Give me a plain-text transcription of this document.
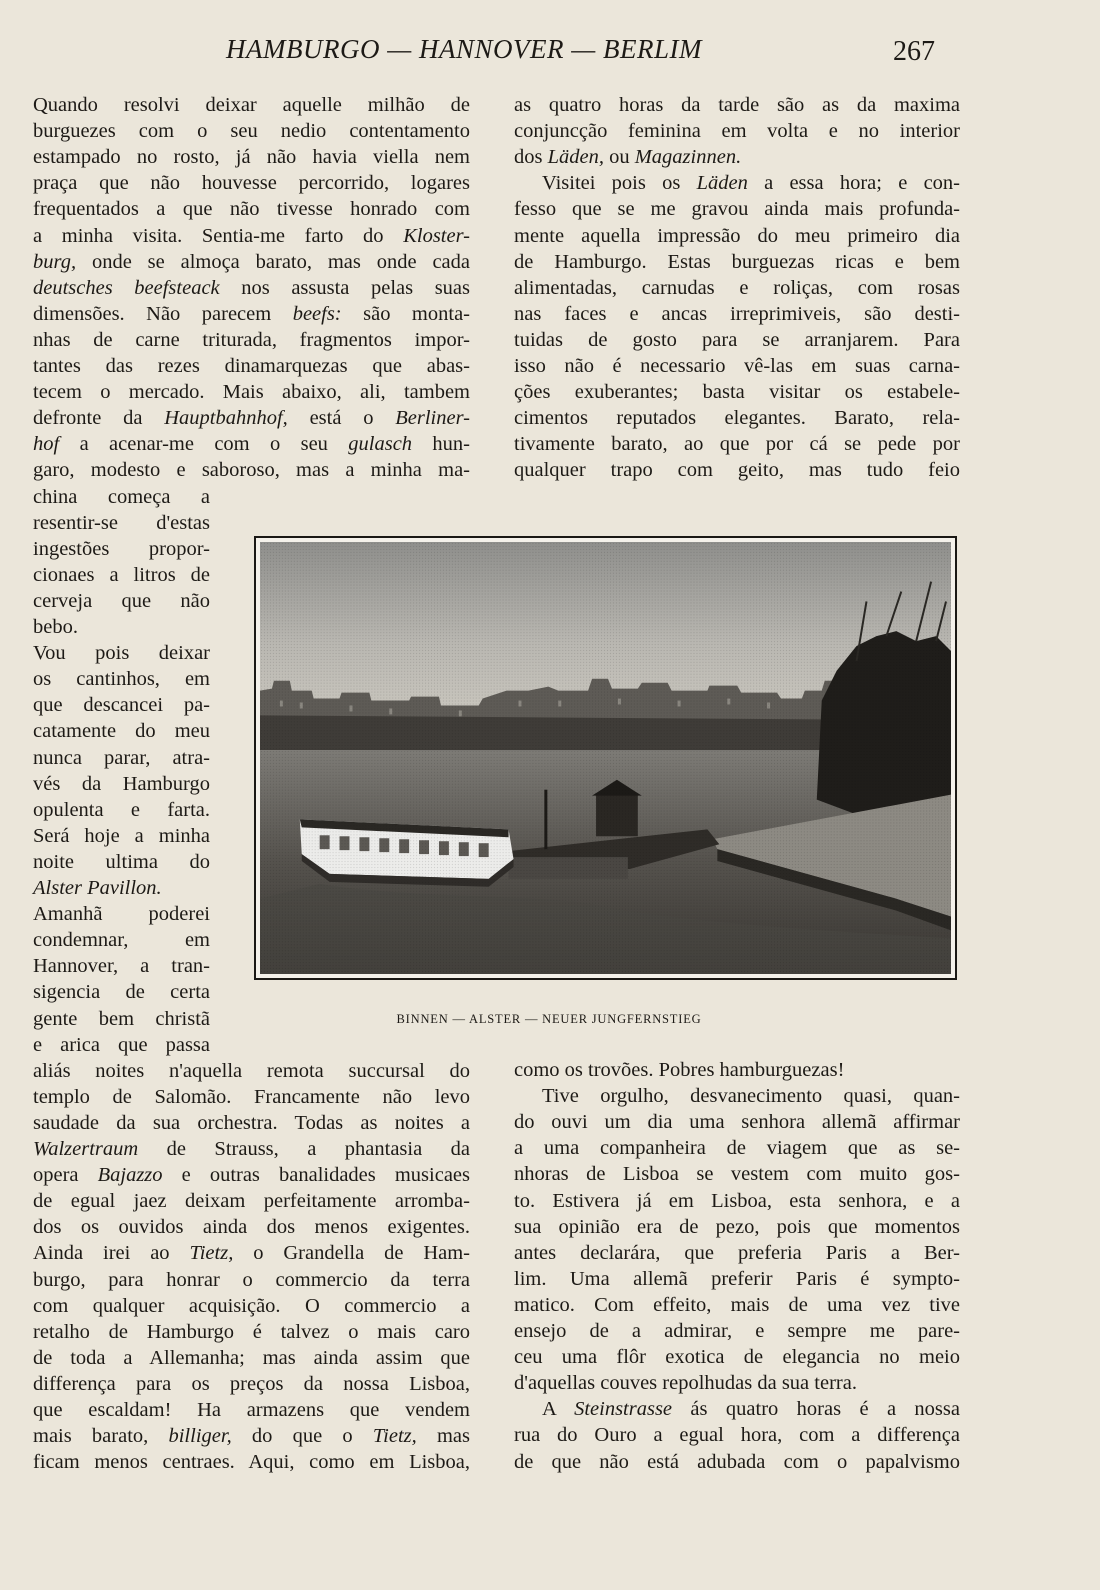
HAMBURGO — HANNOVER — BERLIM	267
Quando resolvi deixar aquelle milhão de
burguezes com o seu nedio contentamento
estampado no rosto, já não havia viella nem
praça que não houvesse percorrido, logares
frequentados a que não tivesse honrado com
a minha visita. Sentia-me farto do Kloster-
burg, onde se almoça barato, mas onde cada
deutsches beefsteack nos assusta pelas suas
dimensões. Não parecem beefs: são monta-
nhas de carne triturada, fragmentos impor-
tantes das rezes dinamarquezas que abas-
tecem o mercado. Mais abaixo, ali, tambem
defronte da Hauptbahnhof, está o Berliner-
hof a acenar-me com o seu gulasch hun-
garo, modesto e saboroso, mas a minha ma-
china começa a
resentir-se d'estas
ingestões propor-
cionaes a litros de
cerveja que não
bebo.
Vou pois deixar
os cantinhos, em
que descancei pa-
catamente do meu
nunca parar, atra-
vés da Hamburgo
opulenta e farta.
Será hoje a minha
noite ultima do
Alster Pavillon.
Amanhã poderei
condemnar, em
Hannover, a tran-
sigencia de certa
gente bem christã
e arica que passa
aliás noites n'aquella remota succursal do
templo de Salomão. Francamente não levo
saudade da sua orchestra. Todas as noites a
Walzertraum de Strauss, a phantasia da
opera Bajazzo e outras banalidades musicaes
de egual jaez deixam perfeitamente arromba-
dos os ouvidos ainda dos menos exigentes.
Ainda irei ao Tietz, o Grandella de Ham-
burgo, para honrar o commercio da terra
com qualquer acquisição. O commercio a
retalho de Hamburgo é talvez o mais caro
de toda a Allemanha; mas ainda assim que
differença para os preços da nossa Lisboa,
que escaldam! Ha armazens que vendem
mais barato, billiger, do que o Tietz, mas
ficam menos centraes. Aqui, como em Lisboa,
as quatro horas da tarde são as da maxima
conjuncção feminina em volta e no interior
dos Läden, ou Magazinnen.
Visitei pois os Läden a essa hora; e con-
fesso que se me gravou ainda mais profunda-
mente aquella impressão do meu primeiro dia
de Hamburgo. Estas burguezas ricas e bem
alimentadas, carnudas e roliças, com rosas
nas faces e ancas irreprimiveis, são desti-
tuidas de gosto para se arranjarem. Para
isso não é necessario vê-las em suas carna-
ções exuberantes; basta visitar os estabele-
cimentos reputados elegantes. Barato, rela-
tivamente barato, ao que por cá se pede por
qualquer trapo com geito, mas tudo feio
como os trovões. Pobres hamburguezas!
Tive orgulho, desvanecimento quasi, quan-
do ouvi um dia uma senhora allemã affirmar
a uma companheira de viagem que as se-
nhoras de Lisboa se vestem com muito gos-
to. Estivera já em Lisboa, esta senhora, e a
sua opinião era de pezo, pois que momentos
antes declarára, que preferia Paris a Ber-
lim. Uma allemã preferir Paris é sympto-
matico. Com effeito, mais de uma vez tive
ensejo de a admirar, e sempre me pare-
ceu uma flôr exotica de elegancia no meio
d'aquellas couves repolhudas da sua terra.
A Steinstrasse ás quatro horas é a nossa
rua do Ouro a egual hora, com a differença
de que não está adubada com o papalvismo
BINNEN — ALSTER — NEUER JUNGFERNSTIEG
